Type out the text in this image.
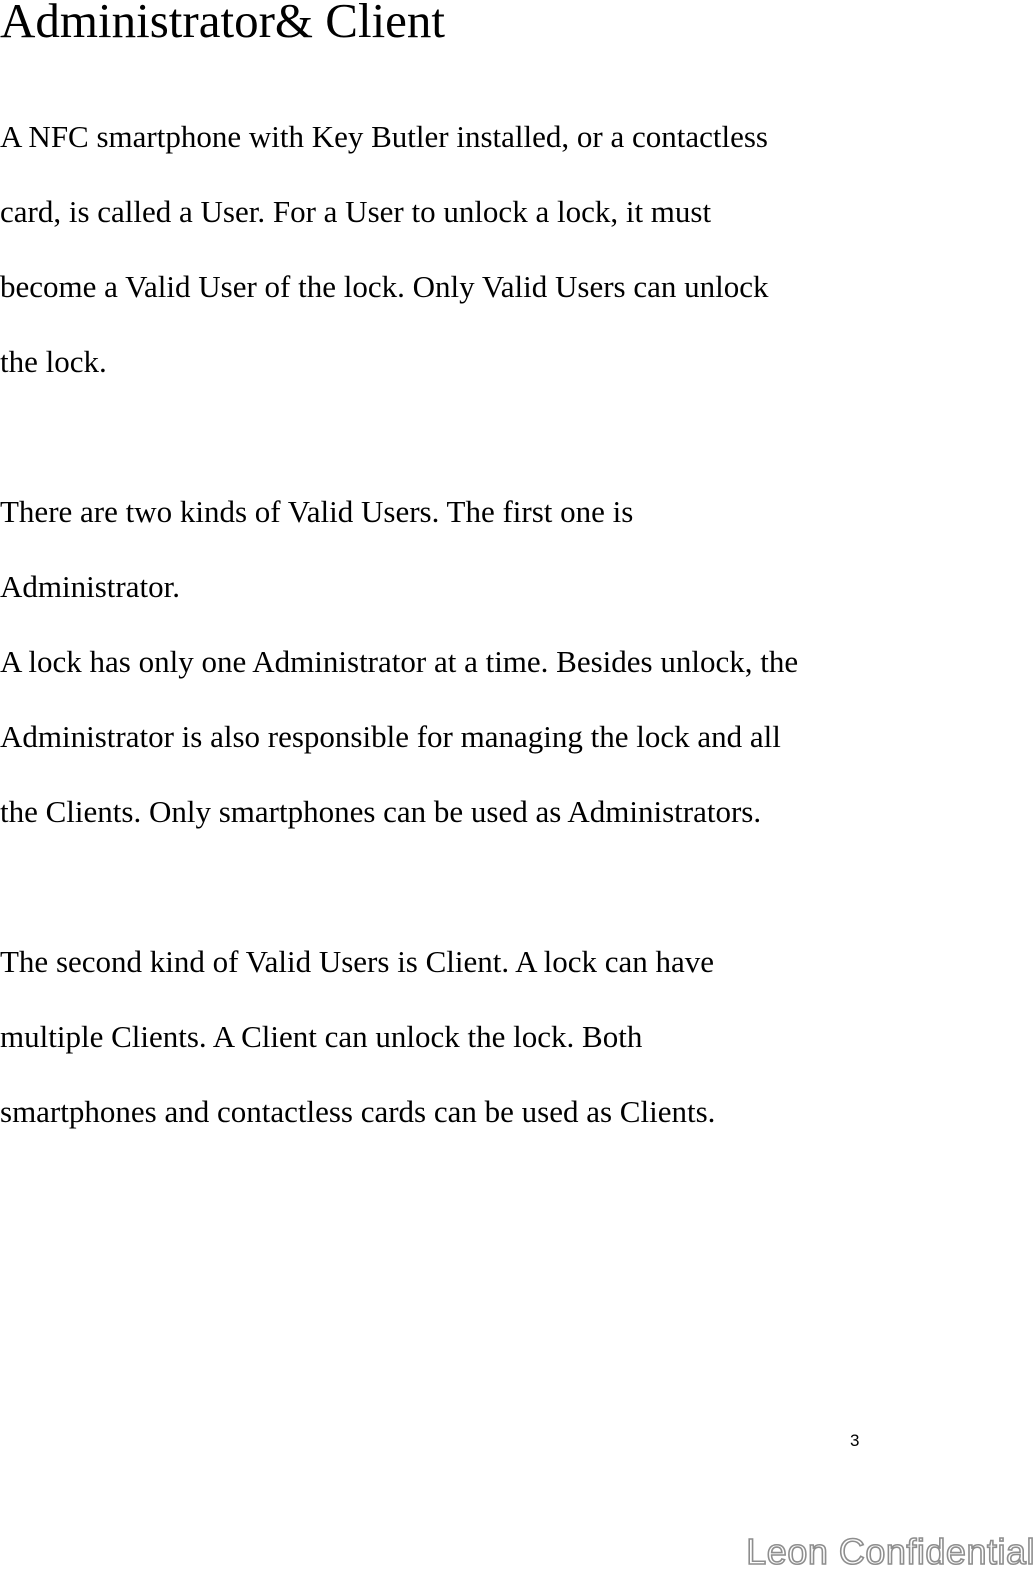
Administrator& Client

A NFC smartphone with Key Butler installed, or a contactless

card, is called a User. For a User to unlock a lock, it must

become a Valid User of the lock. Only Valid Users can unlock

the lock.

There are two kinds of Valid Users. The first one is

Administrator.

A lock has only one Administrator at a time. Besides unlock, the

Administrator is also responsible for managing the lock and all

the Clients. Only smartphones can be used as Administrators.

The second kind of Valid Users is Client. A lock can have

multiple Clients. A Client can unlock the lock. Both

smartphones and contactless cards can be used as Clients.

3
Leon Confidential
